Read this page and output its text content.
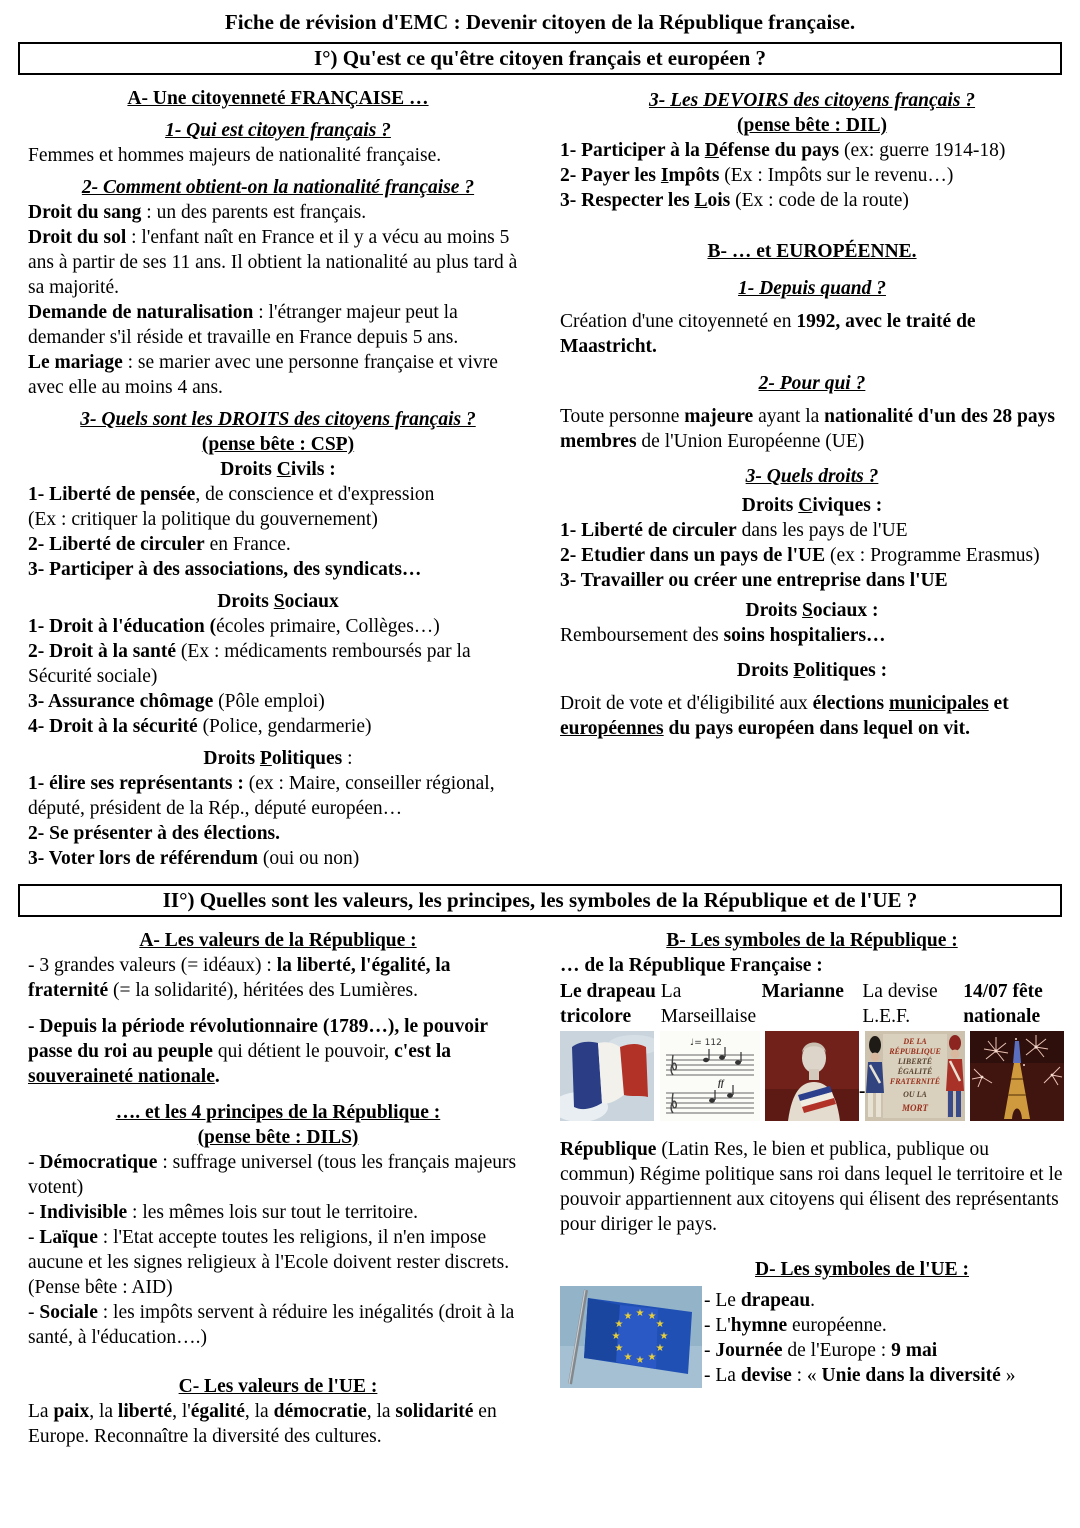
Fiche de révision d'EMC : Devenir citoyen de la République française.
I°) Qu'est ce qu'être citoyen français et européen ?
A- Une citoyenneté FRANÇAISE …
1- Qui est citoyen français ?
Femmes et hommes majeurs de nationalité française.
2- Comment obtient-on la nationalité française ?
Droit du sang : un des parents est français.
Droit du sol : l'enfant naît en France et il y a vécu au moins 5 ans à partir de ses 11 ans. Il obtient la nationalité au plus tard à sa majorité.
Demande de naturalisation : l'étranger majeur peut la demander s'il réside et travaille en France depuis 5 ans.
Le mariage : se marier avec une personne française et vivre avec elle au moins 4 ans.
3- Quels sont les DROITS des citoyens français ?
(pense bête : CSP)
Droits Civils :
1- Liberté de pensée, de conscience et d'expression
(Ex : critiquer la politique du gouvernement)
2- Liberté de circuler en France.
3- Participer à des associations, des syndicats…
Droits Sociaux
1- Droit à l'éducation (écoles primaire, Collèges…)
2- Droit à la santé (Ex : médicaments remboursés par la Sécurité sociale)
3- Assurance chômage (Pôle emploi)
4- Droit à la sécurité (Police, gendarmerie)
Droits Politiques :
1- élire ses représentants : (ex : Maire, conseiller régional, député, président de la Rép., député européen…
2- Se présenter à des élections.
3- Voter lors de référendum (oui ou non)
3- Les DEVOIRS des citoyens français ?
(pense bête : DIL)
1- Participer à la Défense du pays (ex: guerre 1914-18)
2- Payer les Impôts (Ex : Impôts sur le revenu…)
3- Respecter les Lois (Ex : code de la route)
B- … et EUROPÉENNE.
1- Depuis quand ?
Création d'une citoyenneté en 1992, avec le traité de Maastricht.
2- Pour qui ?
Toute personne majeure ayant la nationalité d'un des 28 pays membres de l'Union Européenne (UE)
3- Quels droits ?
Droits Civiques :
1- Liberté de circuler dans les pays de l'UE
2- Etudier dans un pays de l'UE (ex : Programme Erasmus)
3- Travailler ou créer une entreprise dans l'UE
Droits Sociaux :
Remboursement des soins hospitaliers…
Droits Politiques :
Droit de vote et d'éligibilité aux élections municipales et européennes du pays européen dans lequel on vit.
II°) Quelles sont les valeurs, les principes, les symboles de la République et de l'UE ?
A- Les valeurs de la République :
- 3 grandes valeurs (= idéaux) : la liberté, l'égalité, la fraternité (= la solidarité), héritées des Lumières.
- Depuis la période révolutionnaire (1789…), le pouvoir passe du roi au peuple qui détient le pouvoir, c'est la souveraineté nationale.
…. et les 4 principes de la République :
(pense bête : DILS)
- Démocratique : suffrage universel (tous les français majeurs votent)
- Indivisible : les mêmes lois sur tout le territoire.
- Laïque : l'Etat accepte toutes les religions, il n'en impose aucune et les signes religieux à l'Ecole doivent rester discrets. (Pense bête : AID)
- Sociale : les impôts servent à réduire les inégalités (droit à la santé, à l'éducation….)
C- Les valeurs de l'UE :
La paix, la liberté, l'égalité, la démocratie, la solidarité en Europe. Reconnaître la diversité des cultures.
B- Les symboles de la République :
… de la République Française :
Le drapeau tricolore
La Marseillaise
Marianne La devise L.E.F.
14/07 fête nationale
♩= 112
ff
DE LA
RÉPUBLIQUE
LIBERTÉ
ÉGALITÉ
FRATERNITÉ
OU LA
MORT
-
République (Latin Res, le bien et publica, publique ou commun) Régime politique sans roi dans lequel le territoire et le pouvoir appartiennent aux citoyens qui élisent des représentants pour diriger le pays.
D- Les symboles de l'UE :
★
★
★
★
★
★
★
★
★ ★ ★
★
- Le drapeau.
- L'hymne européenne.
- Journée de l'Europe : 9 mai
- La devise : « Unie dans la diversité »
